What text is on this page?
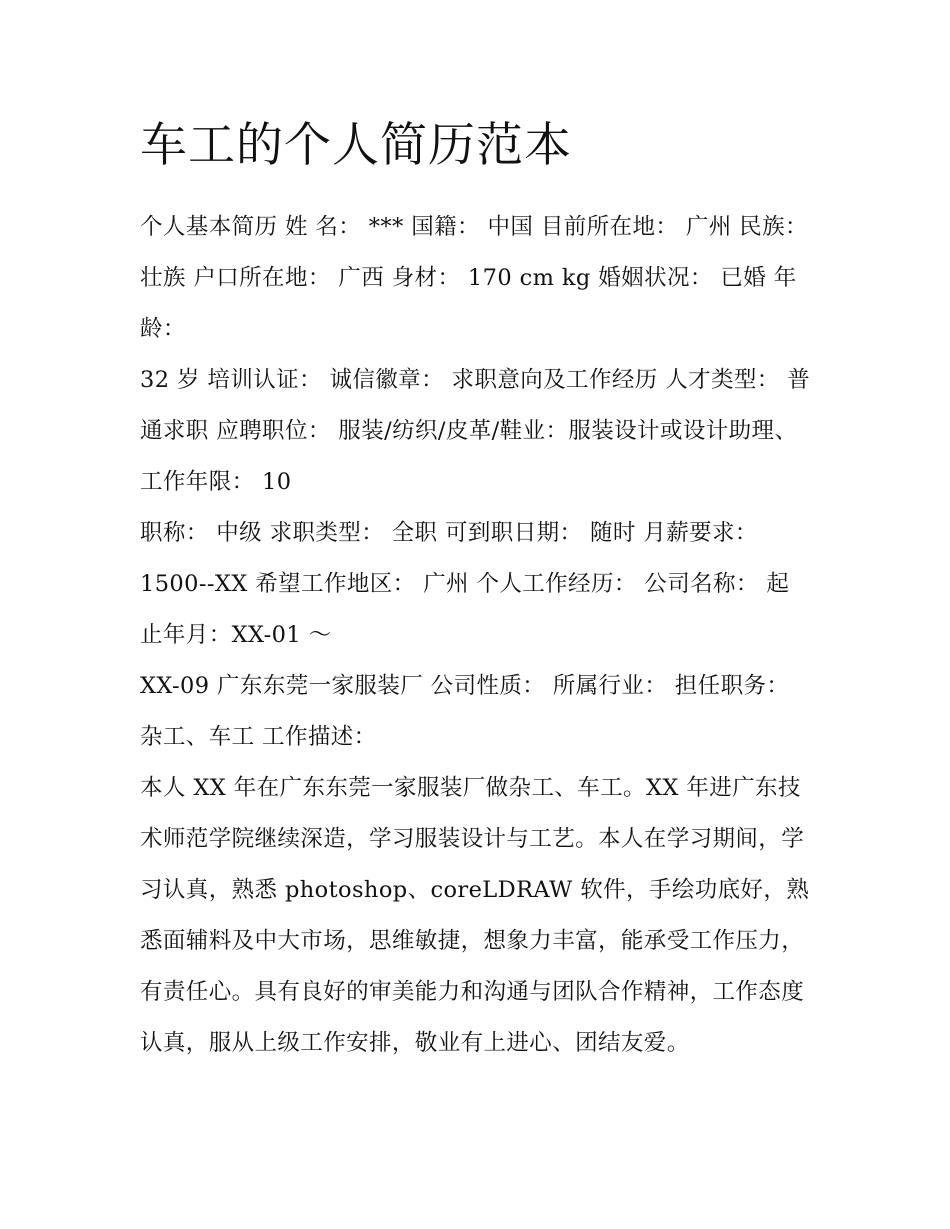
车工的个人简历范本

个人基本简历 姓 名： *** 国籍： 中国 目前所在地： 广州 民族： 壮族 户口所在地： 广西 身材： 170 cm kg 婚姻状况： 已婚 年龄：

32 岁 培训认证： 诚信徽章： 求职意向及工作经历 人才类型： 普通求职 应聘职位： 服装/纺织/皮革/鞋业：服装设计或设计助理、 工作年限： 10

职称： 中级 求职类型： 全职 可到职日期： 随时 月薪要求： 1500--XX 希望工作地区： 广州 个人工作经历： 公司名称： 起止年月：XX-01 ～

XX-09 广东东莞一家服装厂 公司性质： 所属行业： 担任职务： 杂工、车工 工作描述：

本人 XX 年在广东东莞一家服装厂做杂工、车工。XX 年进广东技术师范学院继续深造，学习服装设计与工艺。本人在学习期间，学习认真，熟悉 photoshop、coreLDRAW 软件，手绘功底好，熟悉面辅料及中大市场，思维敏捷，想象力丰富，能承受工作压力，有责任心。具有良好的审美能力和沟通与团队合作精神，工作态度认真，服从上级工作安排，敬业有上进心、团结友爱。
